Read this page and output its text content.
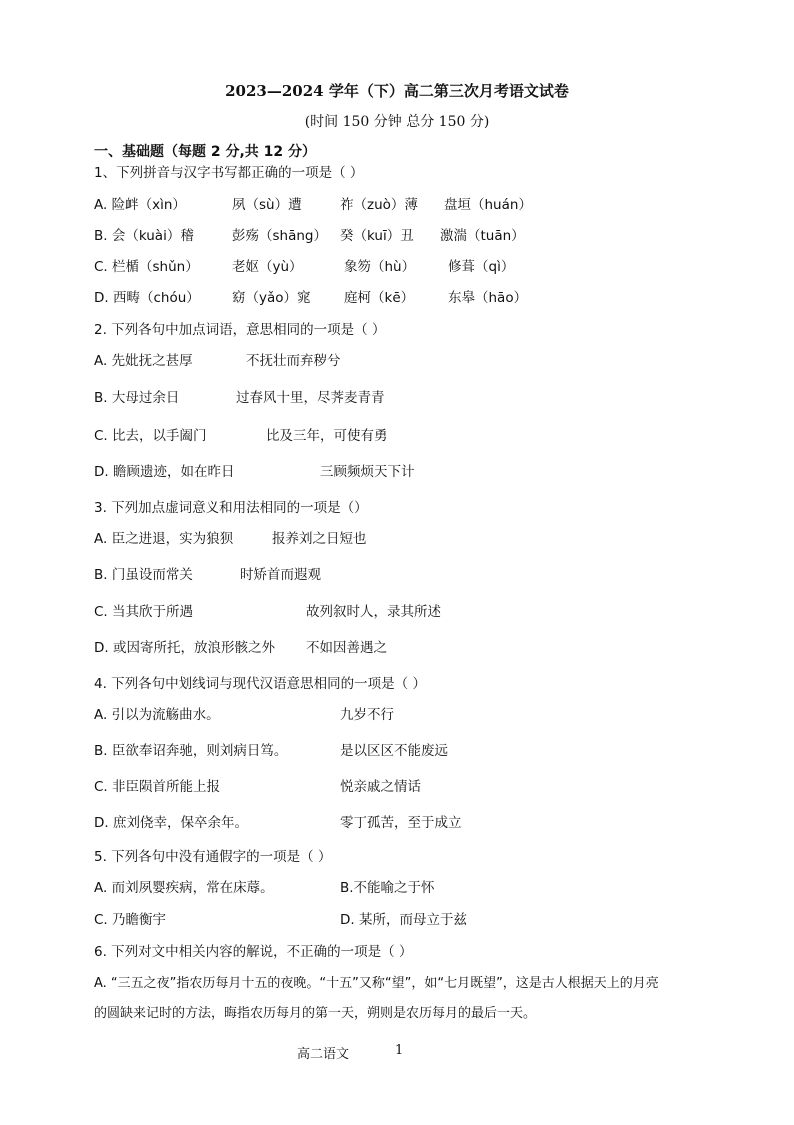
2023—2024 学年（下）高二第三次月考语文试卷
(时间 150 分钟 总分 150 分)
一、基础题（每题 2 分,共 12 分）
1、下列拼音与汉字书写都正确的一项是（ ）
A. 险衅（xìn）	夙（sù）遭	祚（zuò）薄 盘垣（huán）
B. 会（kuài）稽	彭殇（shāng） 癸（kuī）丑 激湍（tuān）
C. 栏楯（shǔn） 老妪（yù）	象笏（hù） 修葺（qì）
D. 西畴（chóu） 窈（yǎo）窕 庭柯（kē）	东皋（hāo）
2. 下列各句中加点词语，意思相同的一项是（ ）
A. 先妣抚之甚厚	不抚壮而弃秽兮
B. 大母过余日	过春风十里，尽荠麦青青
C. 比去，以手阖门	比及三年，可使有勇
D. 瞻顾遗迹，如在昨日	三顾频烦天下计
3. 下列加点虚词意义和用法相同的一项是（）
A. 臣之进退，实为狼狈	报养刘之日短也
B. 门虽设而常关	时矫首而遐观
C. 当其欣于所遇	故列叙时人，录其所述
D. 或因寄所托，放浪形骸之外 不如因善遇之
4. 下列各句中划线词与现代汉语意思相同的一项是（ ）
A. 引以为流觞曲水。	九岁不行
B. 臣欲奉诏奔驰，则刘病日笃。	是以区区不能废远
C. 非臣陨首所能上报	悦亲戚之情话
D. 庶刘侥幸，保卒余年。	零丁孤苦，至于成立
5. 下列各句中没有通假字的一项是（ ）
A. 而刘夙婴疾病，常在床蓐。	B.不能喻之于怀
C. 乃瞻衡宇	D. 某所，而母立于兹
6. 下列对文中相关内容的解说，不正确的一项是（ ）
A. “三五之夜”指农历每月十五的夜晚。“十五”又称“望”，如“七月既望”，这是古人根据天上的月亮
的圆缺来记时的方法，晦指农历每月的第一天，朔则是农历每月的最后一天。
高二语文	1
